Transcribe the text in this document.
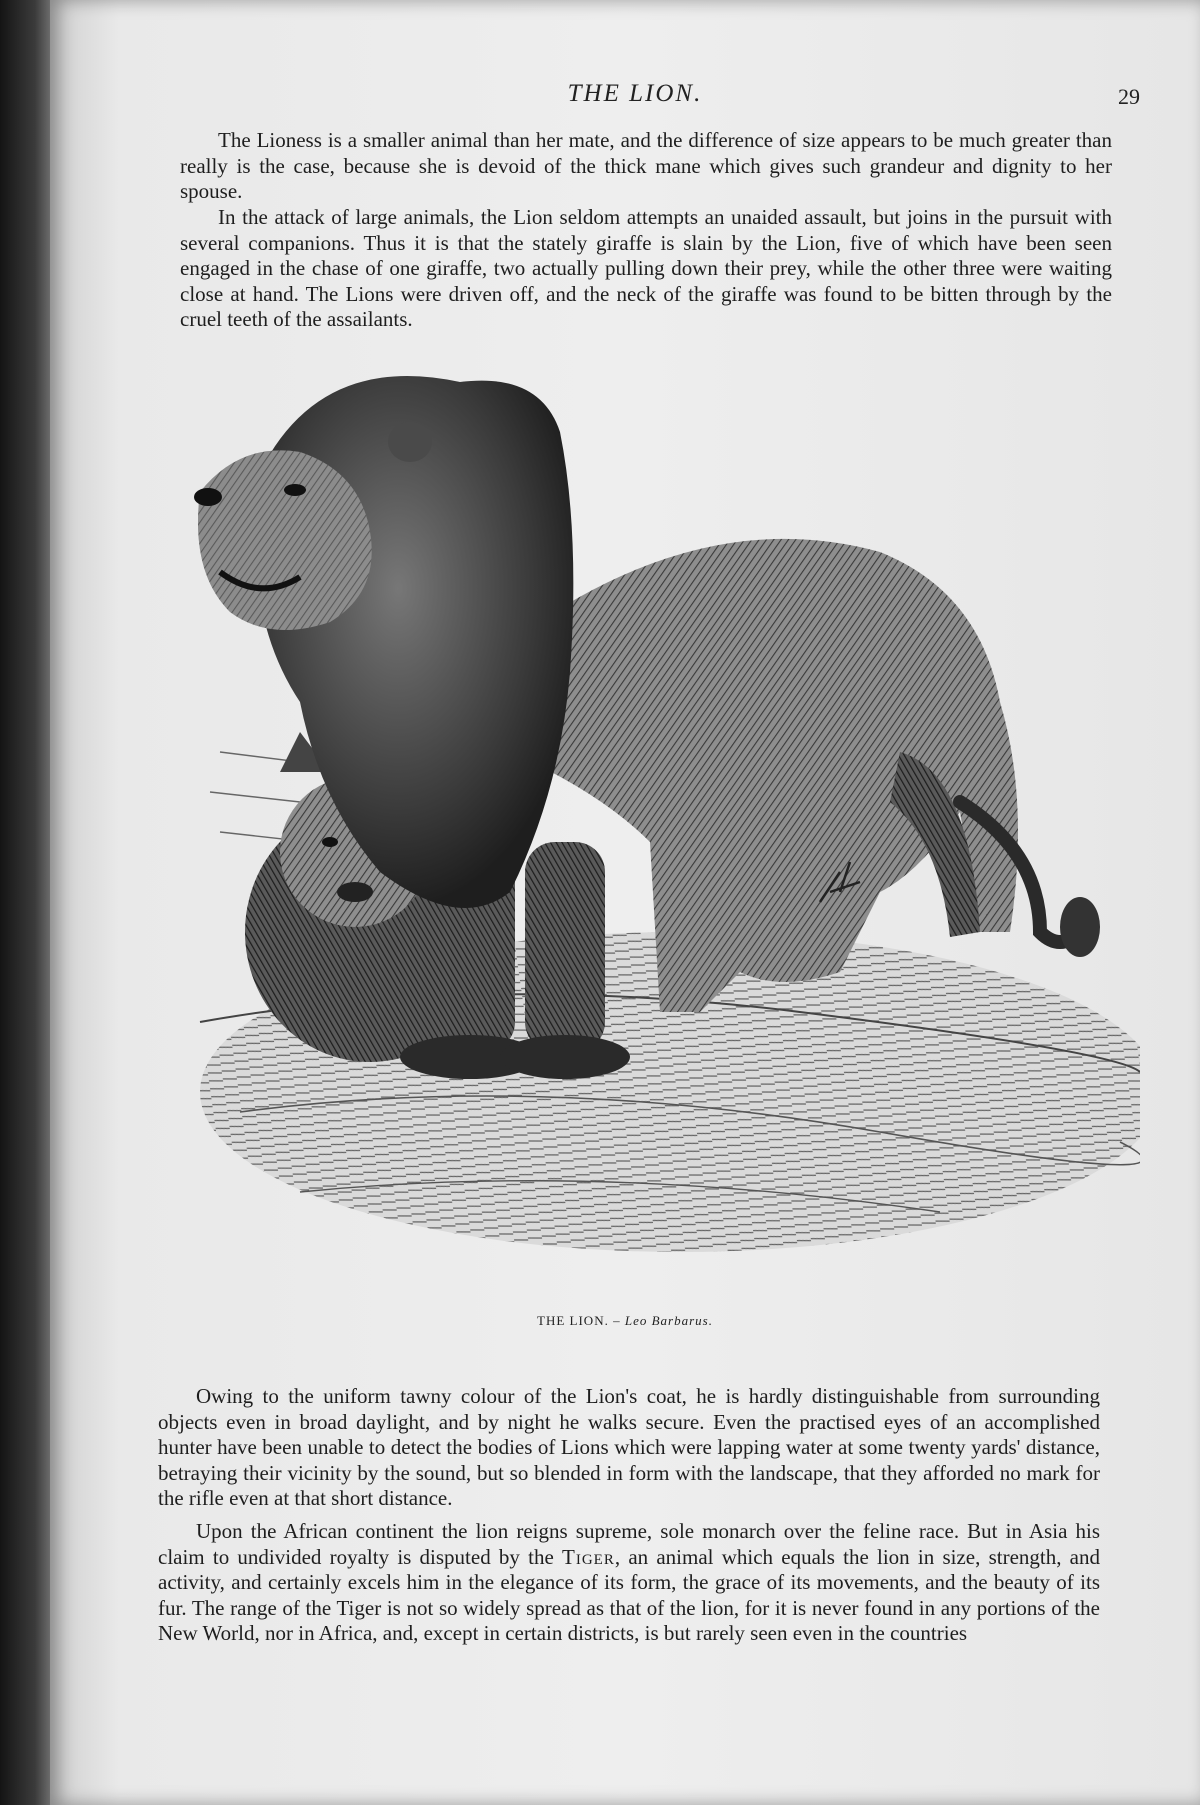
THE LION.	29

The Lioness is a smaller animal than her mate, and the difference of size appears to be much greater than really is the case, because she is devoid of the thick mane which gives such grandeur and dignity to her spouse.

In the attack of large animals, the Lion seldom attempts an unaided assault, but joins in the pursuit with several companions. Thus it is that the stately giraffe is slain by the Lion, five of which have been seen engaged in the chase of one giraffe, two actually pulling down their prey, while the other three were waiting close at hand. The Lions were driven off, and the neck of the giraffe was found to be bitten through by the cruel teeth of the assailants.

THE LION. – Leo Barbarus.

Owing to the uniform tawny colour of the Lion's coat, he is hardly distinguishable from surrounding objects even in broad daylight, and by night he walks secure. Even the practised eyes of an accomplished hunter have been unable to detect the bodies of Lions which were lapping water at some twenty yards' distance, betraying their vicinity by the sound, but so blended in form with the landscape, that they afforded no mark for the rifle even at that short distance.

Upon the African continent the lion reigns supreme, sole monarch over the feline race. But in Asia his claim to undivided royalty is disputed by the Tiger, an animal which equals the lion in size, strength, and activity, and certainly excels him in the elegance of its form, the grace of its movements, and the beauty of its fur. The range of the Tiger is not so widely spread as that of the lion, for it is never found in any portions of the New World, nor in Africa, and, except in certain districts, is but rarely seen even in the countries
